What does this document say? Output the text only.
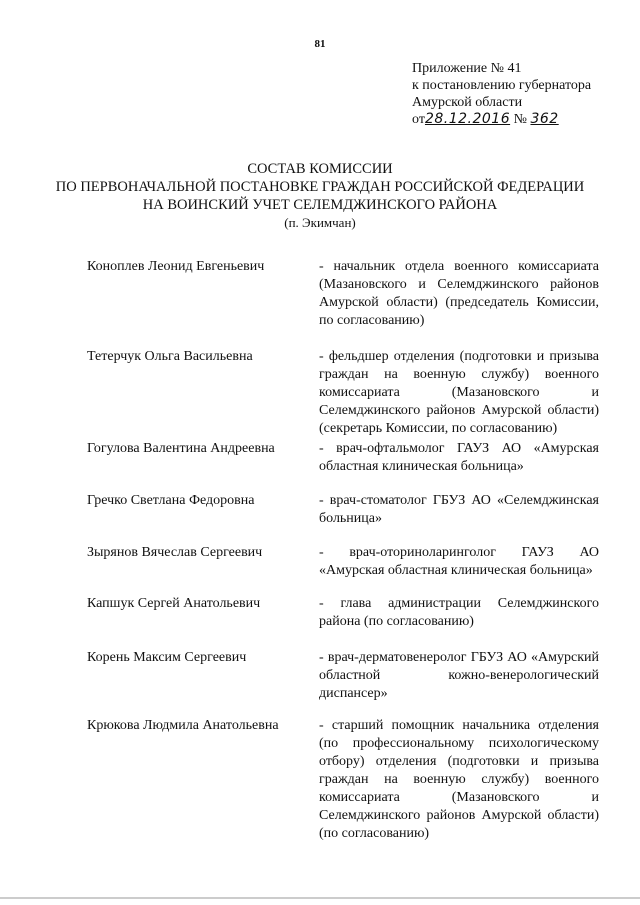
81
Приложение № 41
к постановлению губернатора
Амурской области
от28.12.2016 № 362
СОСТАВ КОМИССИИ
ПО ПЕРВОНАЧАЛЬНОЙ ПОСТАНОВКЕ ГРАЖДАН РОССИЙСКОЙ ФЕДЕРАЦИИ
НА ВОИНСКИЙ УЧЕТ СЕЛЕМДЖИНСКОГО РАЙОНА
(п. Экимчан)
Коноплев Леонид Евгеньевич	- начальник отдела военного комиссариата (Мазановского и Селемджинского районов Амурской области) (председатель Комиссии, по согласованию)
Тетерчук Ольга Васильевна	- фельдшер отделения (подготовки и призыва граждан на военную службу) военного комиссариата (Мазановского и Селемджинского районов Амурской области) (секретарь Комиссии, по согласованию)
Гогулова Валентина Андреевна	- врач-офтальмолог ГАУЗ АО «Амурская областная клиническая больница»
Гречко Светлана Федоровна	- врач-стоматолог ГБУЗ АО «Селемджинская больница»
Зырянов Вячеслав Сергеевич	- врач-оториноларинголог ГАУЗ АО «Амурская областная клиническая больница»
Капшук Сергей Анатольевич	- глава администрации Селемджинского района (по согласованию)
Корень Максим Сергеевич	- врач-дерматовенеролог ГБУЗ АО «Амурский областной кожно-венерологический диспансер»
Крюкова Людмила Анатольевна	- старший помощник начальника отделения (по профессиональному психологическому отбору) отделения (подготовки и призыва граждан на военную службу) военного комиссариата (Мазановского и Селемджинского районов Амурской области) (по согласованию)
